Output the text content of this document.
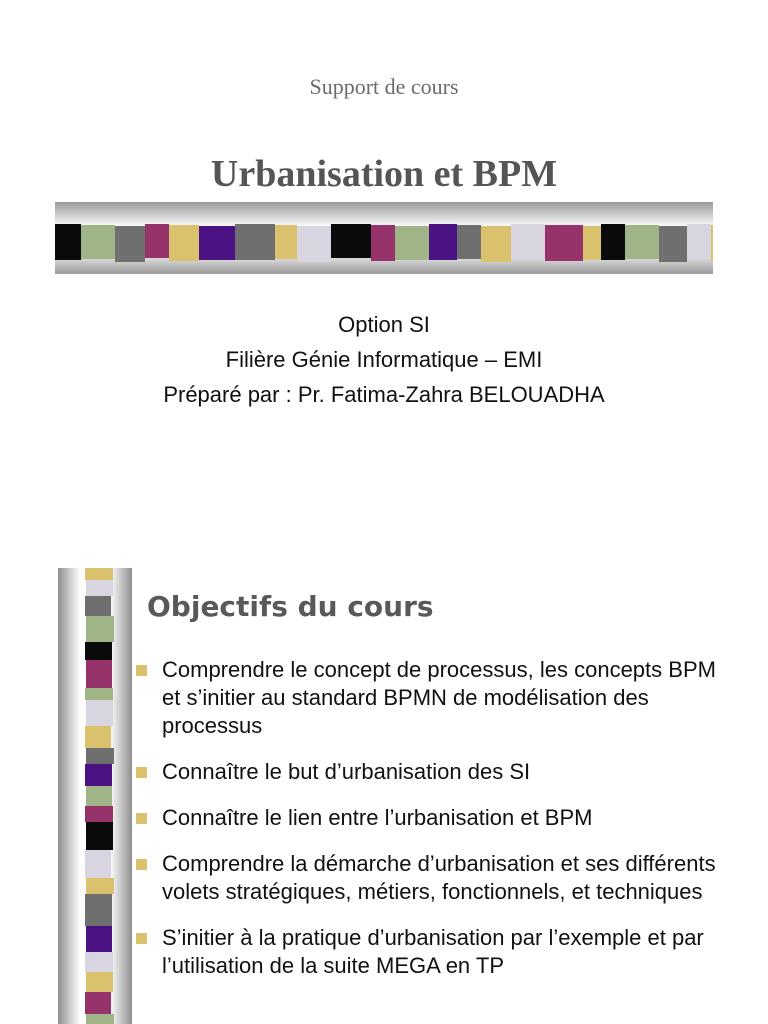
Support de cours
Urbanisation et BPM
Option SI
Filière Génie Informatique – EMI
Préparé par : Pr. Fatima-Zahra BELOUADHA
Objectifs du cours
Comprendre le concept de processus, les concepts BPM et s’initier au standard BPMN de modélisation des processus
Connaître le but d’urbanisation des SI
Connaître le lien entre l’urbanisation et BPM
Comprendre la démarche d’urbanisation et ses différents volets stratégiques, métiers, fonctionnels, et techniques
S’initier à la pratique d’urbanisation par l’exemple et par l’utilisation de la suite MEGA en TP
